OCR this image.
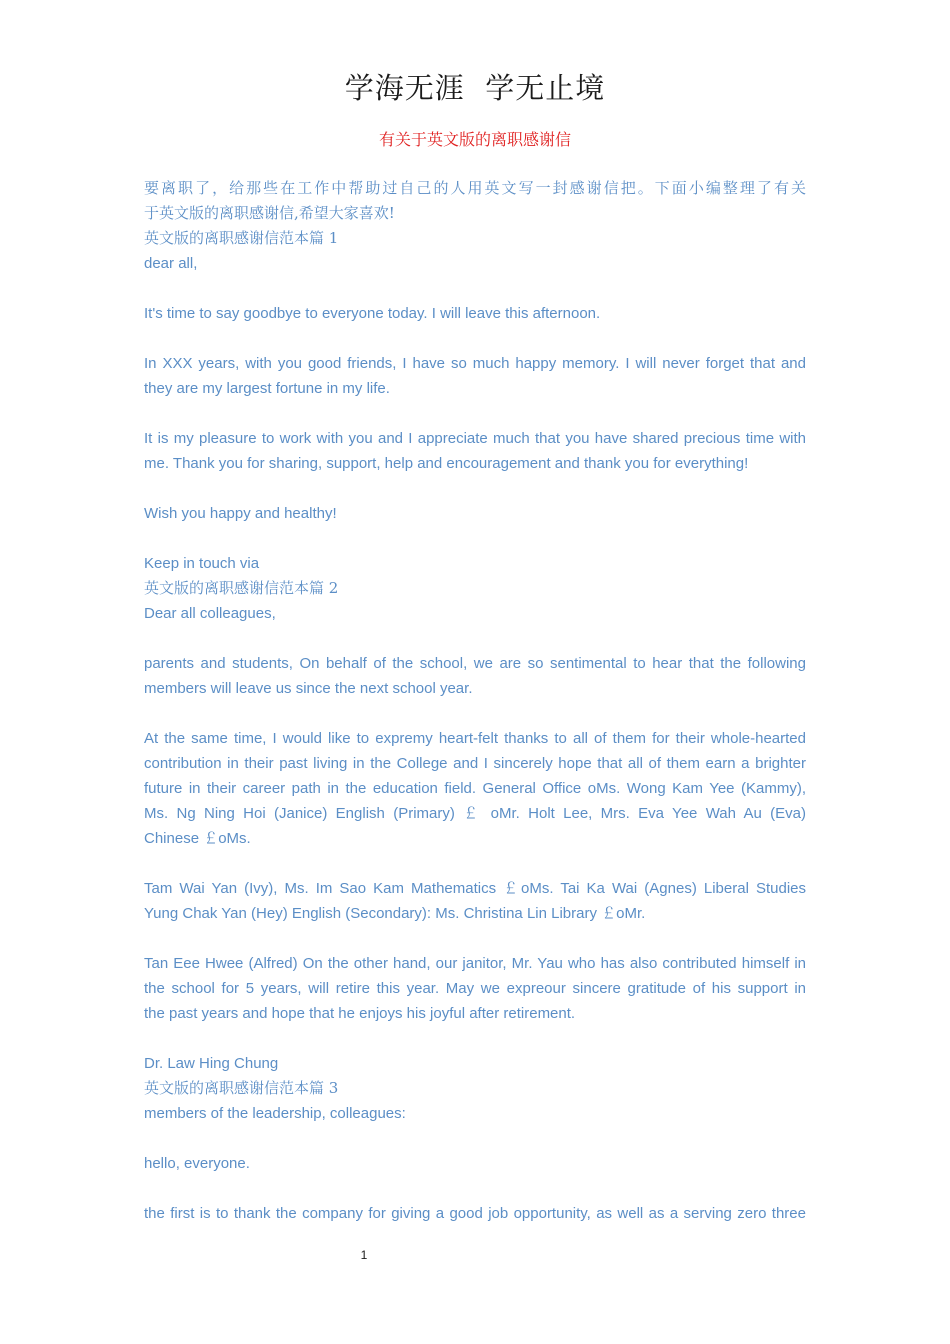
学海无涯  学无止境
有关于英文版的离职感谢信
要离职了，给那些在工作中帮助过自己的人用英文写一封感谢信把。下面小编整理了有关
于英文版的离职感谢信,希望大家喜欢!
英文版的离职感谢信范本篇 1
dear all,
It's time to say goodbye to everyone today. I will leave this afternoon.
In XXX years, with you good friends, I have so much happy memory. I will never forget that and
they are my largest fortune in my life.
It is my pleasure to work with you and I appreciate much that you have shared precious time with
me. Thank you for sharing, support, help and encouragement and thank you for everything!
Wish you happy and healthy!
Keep in touch via
英文版的离职感谢信范本篇 2
Dear all colleagues,
parents and students, On behalf of the school, we are so sentimental to hear that the following
members will leave us since the next school year.
At the same time, I would like to expremy heart-felt thanks to all of them for their whole-hearted
contribution in their past living in the College and I sincerely hope that all of them earn a brighter
future in their career path in the education field. General Office oMs. Wong Kam Yee (Kammy),
Ms. Ng Ning Hoi (Janice) English (Primary) ￡ oMr. Holt Lee, Mrs. Eva Yee Wah Au (Eva)
Chinese ￡oMs.
Tam Wai Yan (Ivy), Ms. Im Sao Kam Mathematics ￡oMs. Tai Ka Wai (Agnes) Liberal Studies
Yung Chak Yan (Hey) English (Secondary): Ms. Christina Lin Library ￡oMr.
Tan Eee Hwee (Alfred) On the other hand, our janitor, Mr. Yau who has also contributed himself in
the school for 5 years, will retire this year. May we expreour sincere gratitude of his support in
the past years and hope that he enjoys his joyful after retirement.
Dr. Law Hing Chung
英文版的离职感谢信范本篇 3
members of the leadership, colleagues:
hello, everyone.
the first is to thank the company for giving a good job opportunity, as well as a serving zero three
1
